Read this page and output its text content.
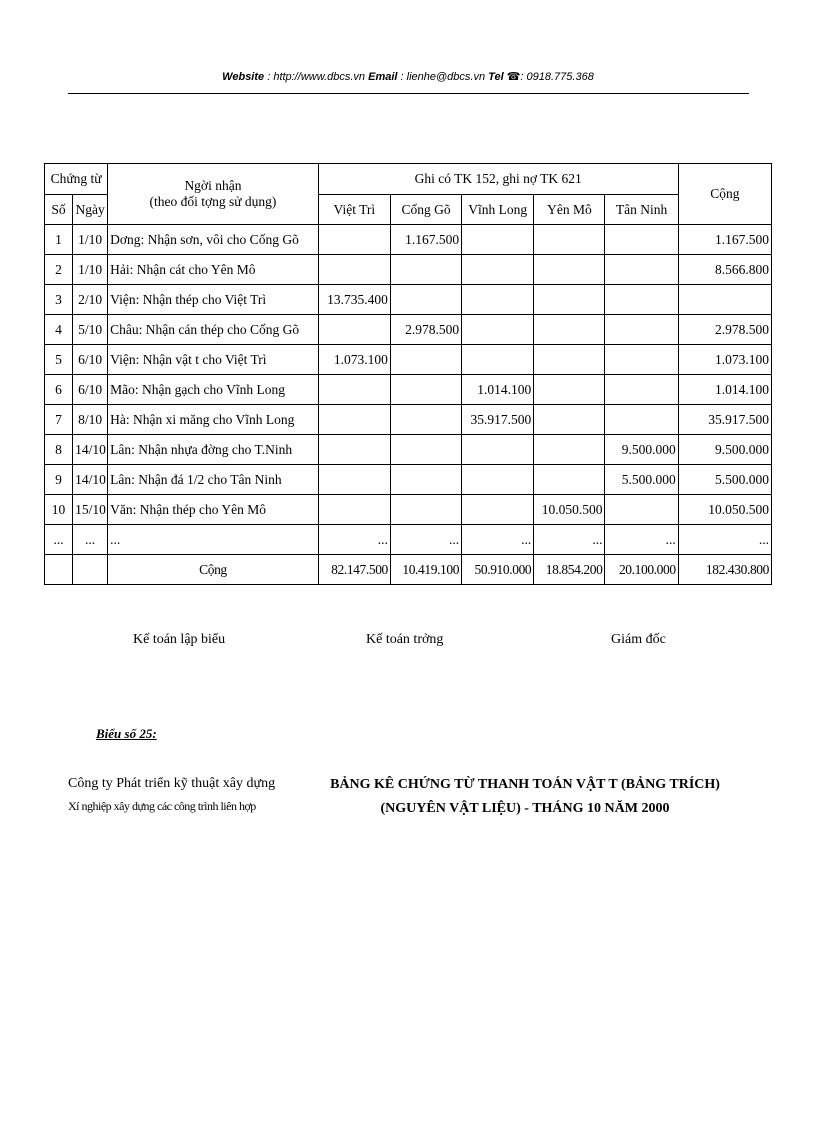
Website : http://www.dbcs.vn Email : lienhe@dbcs.vn Tel ☎: 0918.775.368
Chứng từ		Ngời nhận
(theo đối tợng sử dụng)	Ghi có TK 152, ghi nợ TK 621					Cộng
Số	Ngày		Việt Trì	Cống Gõ	Vĩnh Long	Yên Mô	Tân Ninh	
1	1/10	Dơng: Nhận sơn, vôi cho Cống Gõ		1.167.500				1.167.500
2	1/10	Hải: Nhận cát cho Yên Mô						8.566.800
3	2/10	Viện: Nhận thép cho Việt Trì	13.735.400					
4	5/10	Châu: Nhận cán thép cho Cống Gõ		2.978.500				2.978.500
5	6/10	Viện: Nhận vật t cho Việt Trì	1.073.100					1.073.100
6	6/10	Mão: Nhận gạch cho Vĩnh Long			1.014.100			1.014.100
7	8/10	Hà: Nhận xi măng cho Vĩnh Long			35.917.500			35.917.500
8	14/10	Lân: Nhận nhựa đờng cho T.Ninh					9.500.000	9.500.000
9	14/10	Lân: Nhận đá 1/2 cho Tân Ninh					5.500.000	5.500.000
10	15/10	Văn: Nhận thép cho Yên Mô				10.050.500		10.050.500
...	...	...	...	...	...	...	...	...
		Cộng	82.147.500	10.419.100	50.910.000	18.854.200	20.100.000	182.430.800
Kế toán lập biểu	Kế toán trởng	Giám đốc
Biểu số 25:
Công ty Phát triển kỹ thuật xây dựng
Xí nghiệp xây dựng các công trình liên hợp
BẢNG KÊ CHỨNG TỪ THANH TOÁN VẬT T (BẢNG TRÍCH)
(NGUYÊN VẬT LIỆU) - THÁNG 10 NĂM 2000
